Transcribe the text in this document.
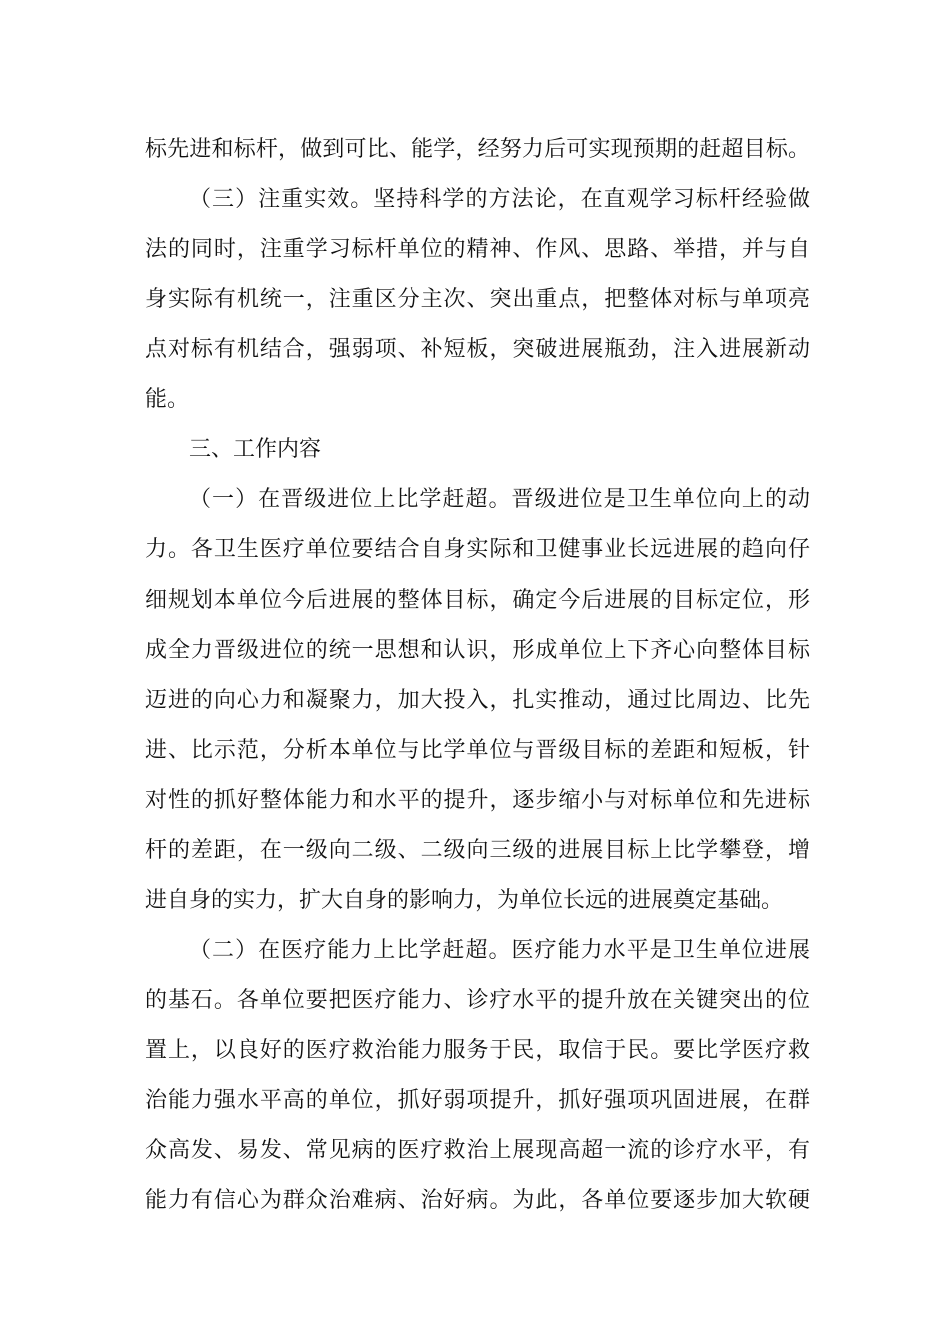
标先进和标杆，做到可比、能学，经努力后可实现预期的赶超目标。
（三）注重实效。坚持科学的方法论，在直观学习标杆经验做
法的同时，注重学习标杆单位的精神、作风、思路、举措，并与自
身实际有机统一，注重区分主次、突出重点，把整体对标与单项亮
点对标有机结合，强弱项、补短板，突破进展瓶劲，注入进展新动
能。
三、工作内容
（一）在晋级进位上比学赶超。晋级进位是卫生单位向上的动
力。各卫生医疗单位要结合自身实际和卫健事业长远进展的趋向仔
细规划本单位今后进展的整体目标，确定今后进展的目标定位，形
成全力晋级进位的统一思想和认识，形成单位上下齐心向整体目标
迈进的向心力和凝聚力，加大投入，扎实推动，通过比周边、比先
进、比示范，分析本单位与比学单位与晋级目标的差距和短板，针
对性的抓好整体能力和水平的提升，逐步缩小与对标单位和先进标
杆的差距，在一级向二级、二级向三级的进展目标上比学攀登，增
进自身的实力，扩大自身的影响力，为单位长远的进展奠定基础。
（二）在医疗能力上比学赶超。医疗能力水平是卫生单位进展
的基石。各单位要把医疗能力、诊疗水平的提升放在关键突出的位
置上，以良好的医疗救治能力服务于民，取信于民。要比学医疗救
治能力强水平高的单位，抓好弱项提升，抓好强项巩固进展，在群
众高发、易发、常见病的医疗救治上展现高超一流的诊疗水平，有
能力有信心为群众治难病、治好病。为此，各单位要逐步加大软硬
